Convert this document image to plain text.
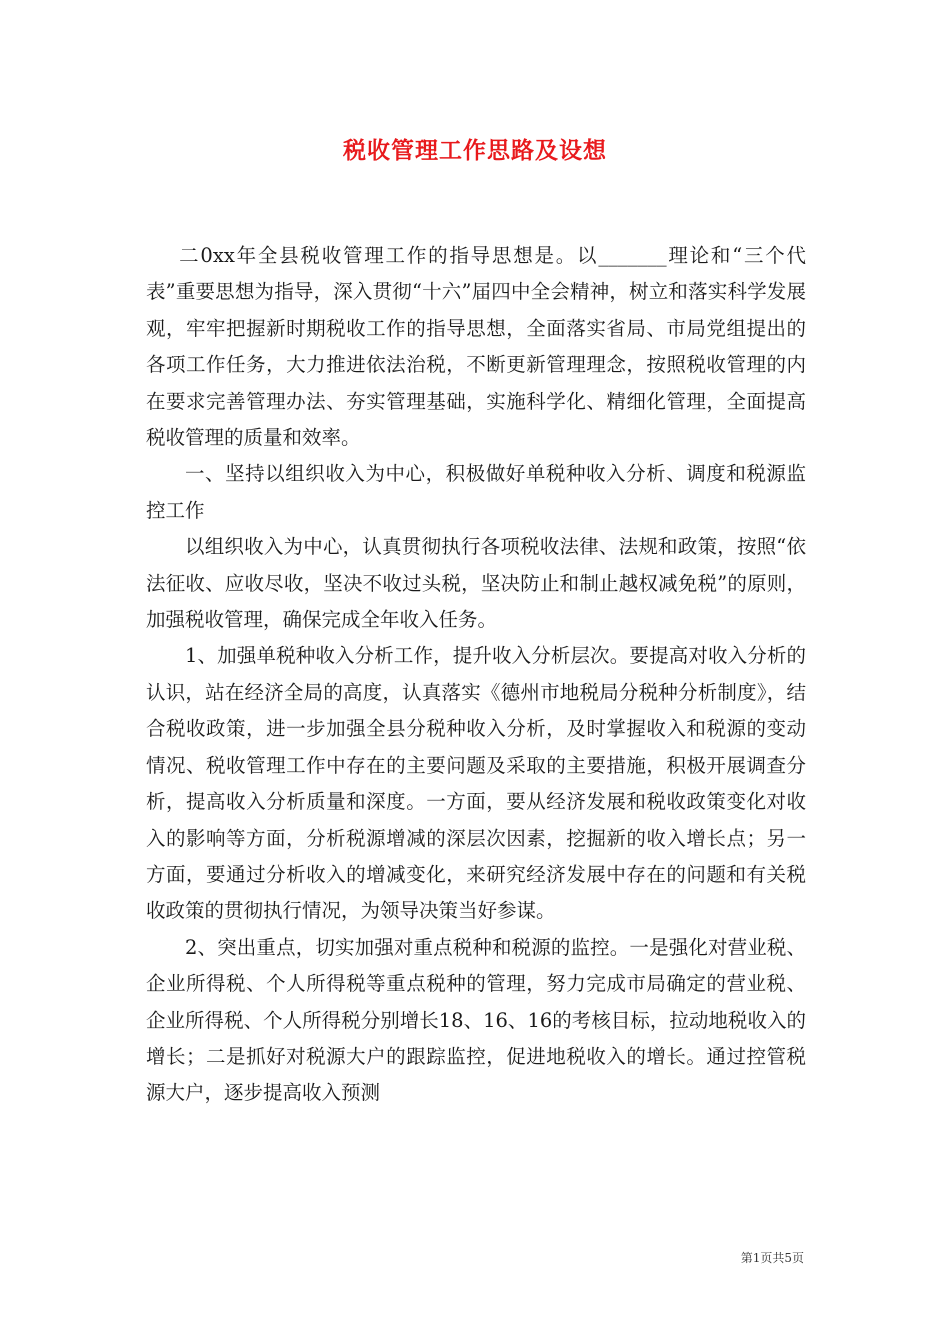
税收管理工作思路及设想

二0xx年全县税收管理工作的指导思想是。以_______理论和“三个代表”重要思想为指导，深入贯彻“十六”届四中全会精神，树立和落实科学发展观，牢牢把握新时期税收工作的指导思想，全面落实省局、市局党组提出的各项工作任务，大力推进依法治税，不断更新管理理念，按照税收管理的内在要求完善管理办法、夯实管理基础，实施科学化、精细化管理，全面提高税收管理的质量和效率。

一、坚持以组织收入为中心，积极做好单税种收入分析、调度和税源监控工作

以组织收入为中心，认真贯彻执行各项税收法律、法规和政策，按照“依法征收、应收尽收，坚决不收过头税，坚决防止和制止越权减免税”的原则，加强税收管理，确保完成全年收入任务。

1、加强单税种收入分析工作，提升收入分析层次。要提高对收入分析的认识，站在经济全局的高度，认真落实《德州市地税局分税种分析制度》，结合税收政策，进一步加强全县分税种收入分析，及时掌握收入和税源的变动情况、税收管理工作中存在的主要问题及采取的主要措施，积极开展调查分析，提高收入分析质量和深度。一方面，要从经济发展和税收政策变化对收入的影响等方面，分析税源增减的深层次因素，挖掘新的收入增长点；另一方面，要通过分析收入的增减变化，来研究经济发展中存在的问题和有关税收政策的贯彻执行情况，为领导决策当好参谋。

2、突出重点，切实加强对重点税种和税源的监控。一是强化对营业税、企业所得税、个人所得税等重点税种的管理，努力完成市局确定的营业税、企业所得税、个人所得税分别增长18、16、16的考核目标，拉动地税收入的增长；二是抓好对税源大户的跟踪监控，促进地税收入的增长。通过控管税源大户，逐步提高收入预测

第1页共5页
